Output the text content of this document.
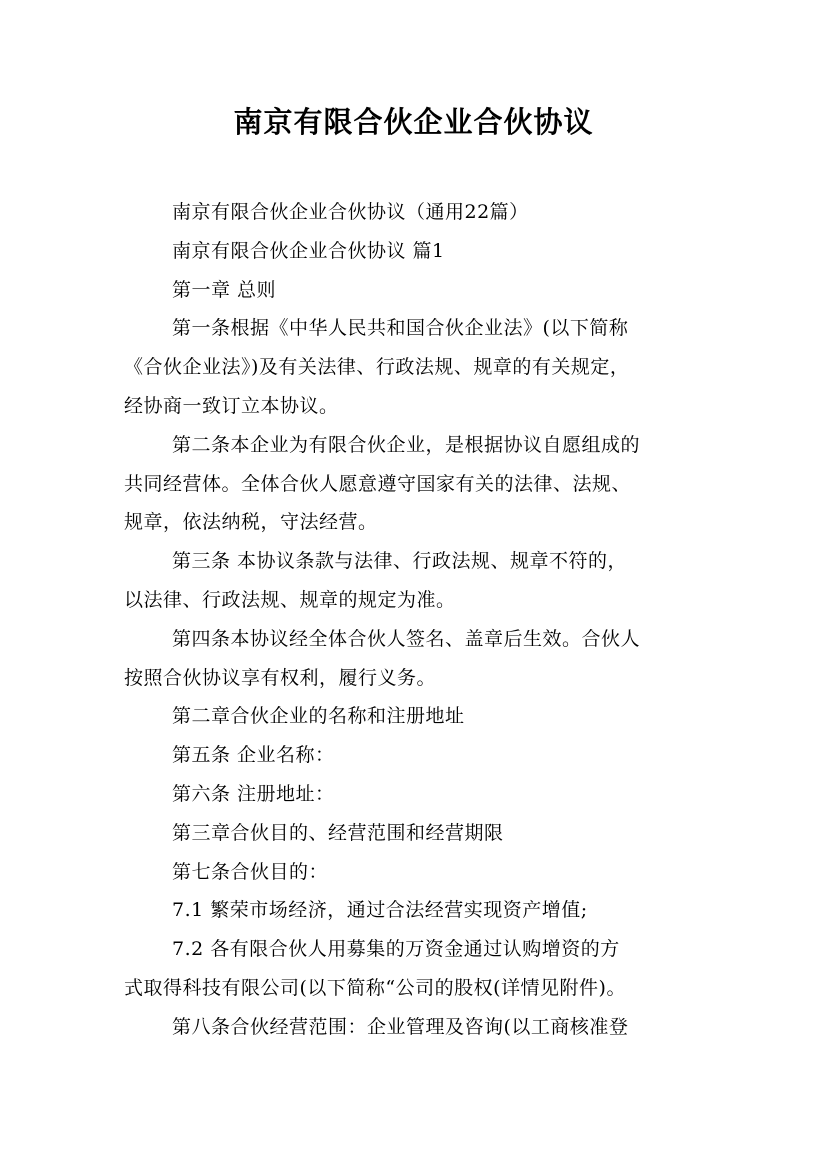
南京有限合伙企业合伙协议
南京有限合伙企业合伙协议（通用22篇）
南京有限合伙企业合伙协议 篇1
第一章 总则
第一条根据《中华人民共和国合伙企业法》(以下简称
《合伙企业法》)及有关法律、行政法规、规章的有关规定，
经协商一致订立本协议。
第二条本企业为有限合伙企业，是根据协议自愿组成的
共同经营体。全体合伙人愿意遵守国家有关的法律、法规、
规章，依法纳税，守法经营。
第三条 本协议条款与法律、行政法规、规章不符的，
以法律、行政法规、规章的规定为准。
第四条本协议经全体合伙人签名、盖章后生效。合伙人
按照合伙协议享有权利，履行义务。
第二章合伙企业的名称和注册地址
第五条 企业名称：
第六条 注册地址：
第三章合伙目的、经营范围和经营期限
第七条合伙目的：
7.1 繁荣市场经济，通过合法经营实现资产增值;
7.2 各有限合伙人用募集的万资金通过认购增资的方
式取得科技有限公司(以下简称“公司的股权(详情见附件)。
第八条合伙经营范围：企业管理及咨询(以工商核准登
